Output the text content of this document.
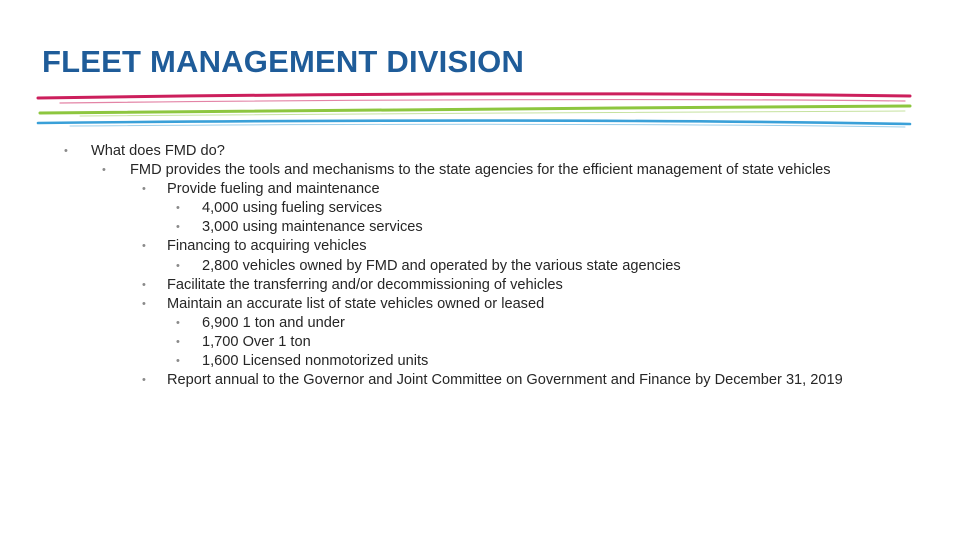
FLEET MANAGEMENT DIVISION
• What does FMD do?
• FMD provides the tools and mechanisms to the state agencies for the efficient management of state vehicles
• Provide fueling and maintenance
• 4,000 using fueling services
• 3,000 using maintenance services
• Financing to acquiring vehicles
• 2,800 vehicles owned by FMD and operated by the various state agencies
• Facilitate the transferring and/or decommissioning of vehicles
• Maintain an accurate list of state vehicles owned or leased
• 6,900 1 ton and under
• 1,700 Over 1 ton
• 1,600 Licensed nonmotorized units
• Report annual to the Governor and Joint Committee on Government and Finance by December 31, 2019
